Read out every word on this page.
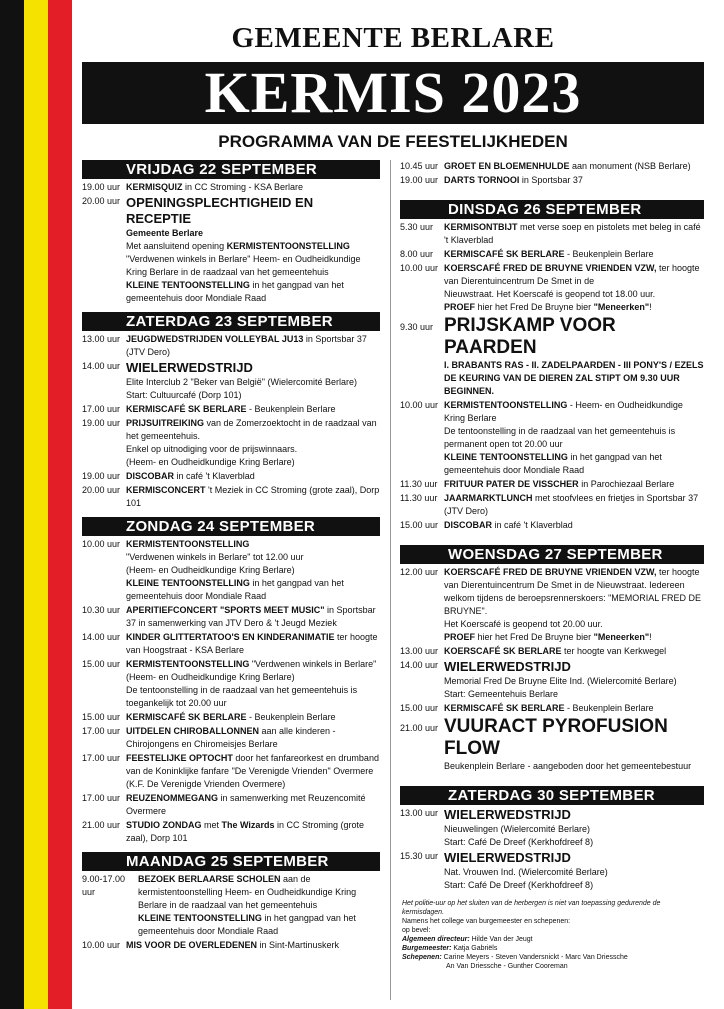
GEMEENTE BERLARE
KERMIS 2023
PROGRAMMA VAN DE FEESTELIJKHEDEN
VRIJDAG 22 SEPTEMBER
19.00 uur KERMISQUIZ in CC Stroming - KSA Berlare
20.00 uur OPENINGSPLECHTIGHEID EN RECEPTIE
Gemeente Berlare
Met aansluitend opening KERMISTENTOONSTELLING "Verdwenen winkels in Berlare" Heem- en Oudheidkundige Kring Berlare in de raadzaal van het gemeentehuis
KLEINE TENTOONSTELLING in het gangpad van het gemeentehuis door Mondiale Raad
ZATERDAG 23 SEPTEMBER
13.00 uur JEUGDWEDSTRIJDEN VOLLEYBAL JU13 in Sportsbar 37 (JTV Dero)
14.00 uur WIELERWEDSTRIJD
Elite Interclub 2 "Beker van België" (Wielercomité Berlare)
Start: Cultuurcafé (Dorp 101)
17.00 uur KERMISCAFÉ SK BERLARE - Beukenplein Berlare
19.00 uur PRIJSUITREIKING van de Zomerzoektocht in de raadzaal van het gemeentehuis.
Enkel op uitnodiging voor de prijswinnaars.
(Heem- en Oudheidkundige Kring Berlare)
19.00 uur DISCOBAR in café 't Klaverblad
20.00 uur KERMISCONCERT 't Meziek in CC Stroming (grote zaal), Dorp 101
ZONDAG 24 SEPTEMBER
10.00 uur KERMISTENTOONSTELLING
"Verdwenen winkels in Berlare" tot 12.00 uur
(Heem- en Oudheidkundige Kring Berlare)
KLEINE TENTOONSTELLING in het gangpad van het gemeentehuis door Mondiale Raad
10.30 uur APERITIEFCONCERT "SPORTS MEET MUSIC" in Sportsbar 37 in samenwerking van JTV Dero & 't Jeugd Meziek
14.00 uur KINDER GLITTERTATOO'S EN KINDERANIMATIE ter hoogte van Hoogstraat - KSA Berlare
15.00 uur KERMISTENTOONSTELLING "Verdwenen winkels in Berlare"
(Heem- en Oudheidkundige Kring Berlare)
De tentoonstelling in de raadzaal van het gemeentehuis is toegankelijk tot 20.00 uur
15.00 uur KERMISCAFÉ SK BERLARE - Beukenplein Berlare
17.00 uur UITDELEN CHIROBALLONNEN aan alle kinderen - Chirojongens en Chiromeisjes Berlare
17.00 uur FEESTELIJKE OPTOCHT door het fanfareorkest en drumband van de Koninklijke fanfare "De Verenigde Vrienden" Overmere (K.F. De Verenigde Vrienden Overmere)
17.00 uur REUZENOMMEGANG in samenwerking met Reuzencomité Overmere
21.00 uur STUDIO ZONDAG met The Wizards in CC Stroming (grote zaal), Dorp 101
MAANDAG 25 SEPTEMBER
9.00-17.00 uur
BEZOEK BERLAARSE SCHOLEN aan de kermistentoonstelling Heem- en Oudheidkundige Kring Berlare in de raadzaal van het gemeentehuis
KLEINE TENTOONSTELLING in het gangpad van het gemeentehuis door Mondiale Raad
10.00 uur MIS VOOR DE OVERLEDENEN in Sint-Martinuskerk
10.45 uur GROET EN BLOEMENHULDE aan monument (NSB Berlare)
19.00 uur DARTS TORNOOI in Sportsbar 37
DINSDAG 26 SEPTEMBER
5.30 uur	KERMISONTBIJT met verse soep en pistolets met beleg in café 't Klaverblad
8.00 uur	KERMISCAFÉ SK BERLARE - Beukenplein Berlare
10.00 uur KOERSCAFÉ FRED DE BRUYNE VRIENDEN VZW, ter hoogte van Dierentuincentrum De Smet in de
Nieuwstraat. Het Koerscafé is geopend tot 18.00 uur.
PROEF hier het Fred De Bruyne bier "Meneerken"!
9.30 uur PRIJSKAMP VOOR PAARDEN
I. BRABANTS RAS - II. ZADELPAARDEN - III PONY'S / EZELS
DE KEURING VAN DE DIEREN ZAL STIPT OM 9.30 UUR BEGINNEN.
10.00 uur KERMISTENTOONSTELLING - Heem- en Oudheidkundige Kring Berlare
De tentoonstelling in de raadzaal van het gemeentehuis is permanent open tot 20.00 uur
KLEINE TENTOONSTELLING in het gangpad van het gemeentehuis door Mondiale Raad
11.30 uur FRITUUR PATER DE VISSCHER in Parochiezaal Berlare
11.30 uur JAARMARKTLUNCH met stoofvlees en frietjes in Sportsbar 37 (JTV Dero)
15.00 uur DISCOBAR in café 't Klaverblad
WOENSDAG 27 SEPTEMBER
12.00 uur KOERSCAFÉ FRED DE BRUYNE VRIENDEN VZW, ter hoogte van Dierentuincentrum De Smet in de Nieuwstraat. Iedereen welkom tijdens de beroepsrennerskoers: "MEMORIAL FRED DE BRUYNE".
Het Koerscafé is geopend tot 20.00 uur.
PROEF hier het Fred De Bruyne bier "Meneerken"!
13.00 uur KOERSCAFÉ SK BERLARE ter hoogte van Kerkwegel
14.00 uur WIELERWEDSTRIJD
Memorial Fred De Bruyne Elite Ind. (Wielercomité Berlare)
Start: Gemeentehuis Berlare
15.00 uur KERMISCAFÉ SK BERLARE - Beukenplein Berlare
21.00 uur VUURACT PYROFUSION FLOW
Beukenplein Berlare - aangeboden door het gemeentebestuur
ZATERDAG 30 SEPTEMBER
13.00 uur WIELERWEDSTRIJD
Nieuwelingen (Wielercomité Berlare)
Start: Café De Dreef (Kerkhofdreef 8)
15.30 uur WIELERWEDSTRIJD
Nat. Vrouwen Ind. (Wielercomité Berlare)
Start: Café De Dreef (Kerkhofdreef 8)
Het politie-uur op het sluiten van de herbergen is niet van toepassing gedurende de kermisdagen.
Namens het college van burgemeester en schepenen:
op bevel:
Algemeen directeur: Hilde Van der Jeugt
Burgemeester: Katja Gabriëls
Schepenen: Carine Meyers - Steven Vandersnickt - Marc Van Driessche
An Van Driessche - Gunther Cooreman
